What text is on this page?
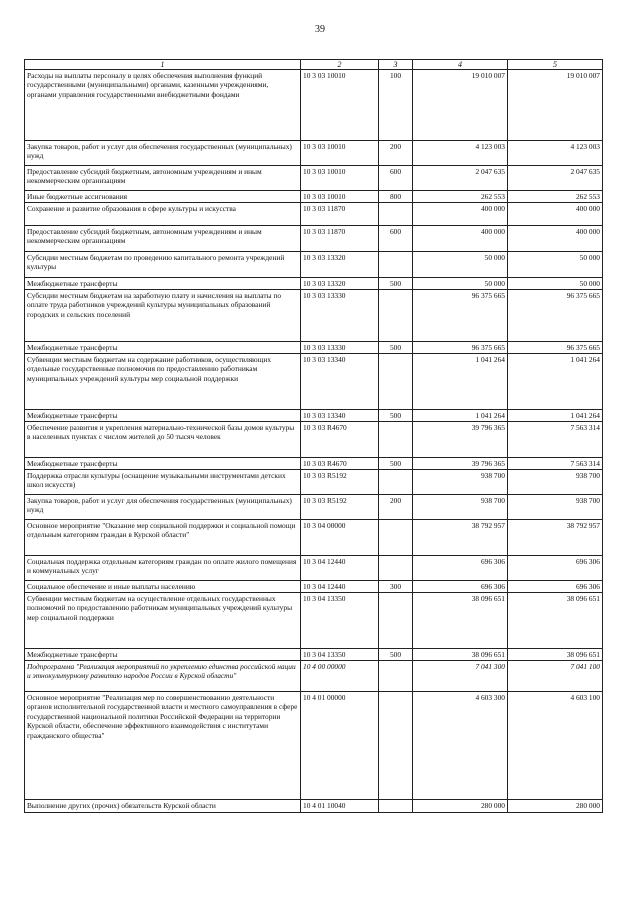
39
1	2	3	4	5
Расходы на выплаты персоналу в целях обеспечения выполнения функций государственными (муниципальными) органами, казенными учреждениями, органами управления государственными внебюджетными фондами	10 3 03 10010	100	19 010 007	19 010 007
Закупка товаров, работ и услуг для обеспечения государственных (муниципальных) нужд	10 3 03 10010	200	4 123 003	4 123 003
Предоставление субсидий бюджетным, автономным учреждениям и иным некоммерческим организациям	10 3 03 10010	600	2 047 635	2 047 635
Иные бюджетные ассигнования	10 3 03 10010	800	262 553	262 553
Сохранение и развитие образования в сфере культуры и искусства	10 3 03 11870		400 000	400 000
Предоставление субсидий бюджетным, автономным учреждениям и иным некоммерческим организациям	10 3 03 11870	600	400 000	400 000
Субсидии местным бюджетам по проведению капитального ремонта учреждений культуры	10 3 03 13320		50 000	50 000
Межбюджетные трансферты	10 3 03 13320	500	50 000	50 000
Субсидии местным бюджетам на заработную плату и начисления на выплаты по оплате труда работников учреждений культуры муниципальных образований городских и сельских поселений	10 3 03 13330		96 375 665	96 375 665
Межбюджетные трансферты	10 3 03 13330	500	96 375 665	96 375 665
Субвенции местным бюджетам на содержание работников, осуществляющих отдельные государственные полномочия по предоставлению работникам муниципальных учреждений культуры мер социальной поддержки	10 3 03 13340		1 041 264	1 041 264
Межбюджетные трансферты	10 3 03 13340	500	1 041 264	1 041 264
Обеспечение развития и укрепления материально-технической базы домов культуры в населенных пунктах с числом жителей до 50 тысяч человек	10 3 03 R4670		39 796 365	7 563 314
Межбюджетные трансферты	10 3 03 R4670	500	39 796 365	7 563 314
Поддержка отрасли культуры (оснащение музыкальными инструментами детских школ искусств)	10 3 03 R5192		938 700	938 700
Закупка товаров, работ и услуг для обеспечения государственных (муниципальных) нужд	10 3 03 R5192	200	938 700	938 700
Основное мероприятие "Оказание мер социальной поддержки и социальной помощи отдельным категориям граждан в Курской области"	10 3 04 00000		38 792 957	38 792 957
Социальная поддержка отдельным категориям граждан по оплате жилого помещения и коммунальных услуг	10 3 04 12440		696 306	696 306
Социальное обеспечение и иные выплаты населению	10 3 04 12440	300	696 306	696 306
Субвенции местным бюджетам на осуществление отдельных государственных полномочий по предоставлению работникам муниципальных учреждений культуры мер социальной поддержки	10 3 04 13350		38 096 651	38 096 651
Межбюджетные трансферты	10 3 04 13350	500	38 096 651	38 096 651
Подпрограмма "Реализация мероприятий по укреплению единства российской нации и этнокультурному развитию народов России в Курской области"	10 4 00 00000		7 041 300	7 041 100
Основное мероприятие "Реализация мер по совершенствованию деятельности органов исполнительной государственной власти и местного самоуправления в сфере государственной национальной политики Российской Федерации на территории Курской области, обеспечение эффективного взаимодействия с институтами гражданского общества"	10 4 01 00000		4 603 300	4 603 100
Выполнение других (прочих) обязательств Курской области	10 4 01 10040		280 000	280 000
